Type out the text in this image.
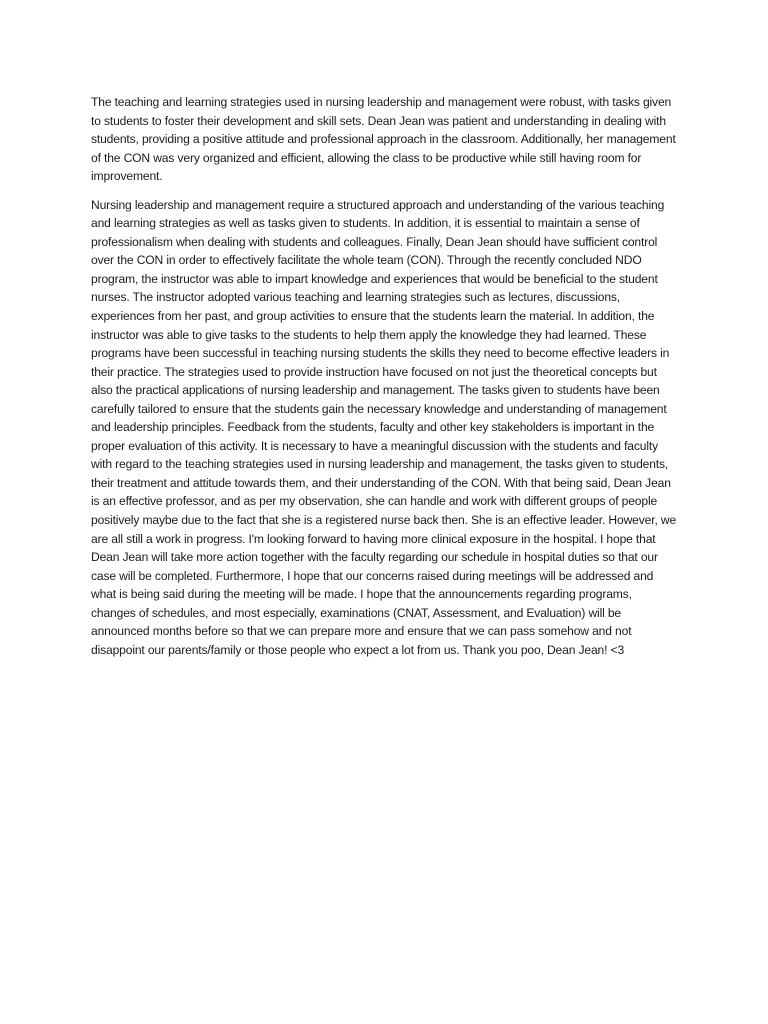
The teaching and learning strategies used in nursing leadership and management were robust, with tasks given to students to foster their development and skill sets. Dean Jean was patient and understanding in dealing with students, providing a positive attitude and professional approach in the classroom. Additionally, her management of the CON was very organized and efficient, allowing the class to be productive while still having room for improvement.

Nursing leadership and management require a structured approach and understanding of the various teaching and learning strategies as well as tasks given to students. In addition, it is essential to maintain a sense of professionalism when dealing with students and colleagues. Finally, Dean Jean should have sufficient control over the CON in order to effectively facilitate the whole team (CON). Through the recently concluded NDO program, the instructor was able to impart knowledge and experiences that would be beneficial to the student nurses. The instructor adopted various teaching and learning strategies such as lectures, discussions, experiences from her past, and group activities to ensure that the students learn the material. In addition, the instructor was able to give tasks to the students to help them apply the knowledge they had learned. These programs have been successful in teaching nursing students the skills they need to become effective leaders in their practice. The strategies used to provide instruction have focused on not just the theoretical concepts but also the practical applications of nursing leadership and management. The tasks given to students have been carefully tailored to ensure that the students gain the necessary knowledge and understanding of management and leadership principles. Feedback from the students, faculty and other key stakeholders is important in the proper evaluation of this activity. It is necessary to have a meaningful discussion with the students and faculty with regard to the teaching strategies used in nursing leadership and management, the tasks given to students, their treatment and attitude towards them, and their understanding of the CON. With that being said, Dean Jean is an effective professor, and as per my observation, she can handle and work with different groups of people positively maybe due to the fact that she is a registered nurse back then. She is an effective leader. However, we are all still a work in progress. I'm looking forward to having more clinical exposure in the hospital. I hope that Dean Jean will take more action together with the faculty regarding our schedule in hospital duties so that our case will be completed. Furthermore, I hope that our concerns raised during meetings will be addressed and what is being said during the meeting will be made. I hope that the announcements regarding programs, changes of schedules, and most especially, examinations (CNAT, Assessment, and Evaluation) will be announced months before so that we can prepare more and ensure that we can pass somehow and not disappoint our parents/family or those people who expect a lot from us. Thank you poo, Dean Jean! <3
